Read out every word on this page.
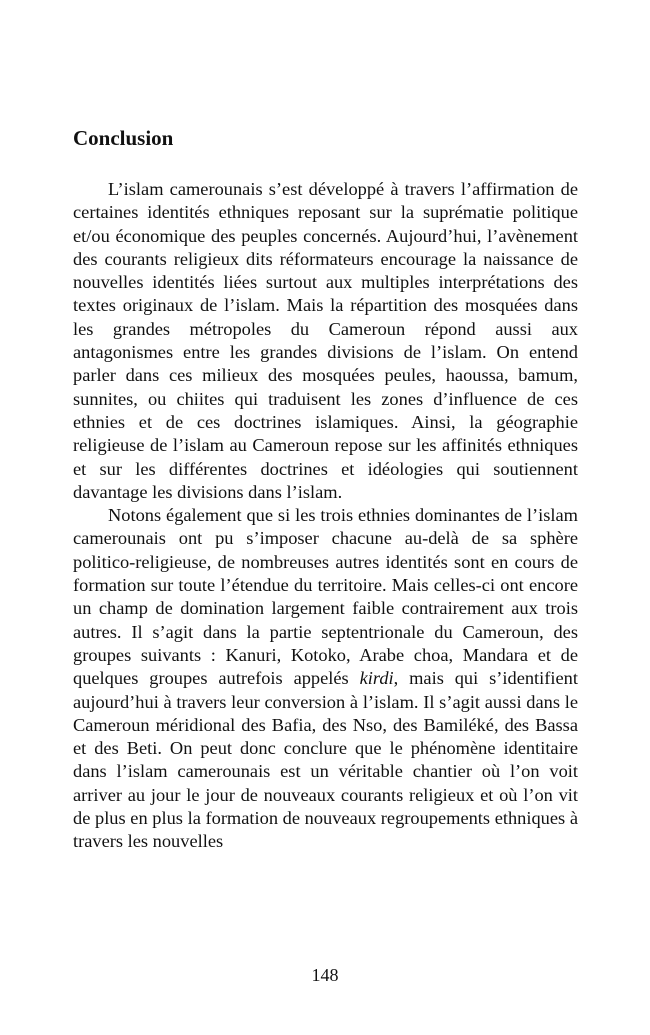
Conclusion

L’islam camerounais s’est développé à travers l’affirmation de certaines identités ethniques reposant sur la suprématie politique et/ou économique des peuples concernés. Aujourd’hui, l’avènement des courants religieux dits réformateurs encourage la naissance de nouvelles identités liées surtout aux multiples interprétations des textes originaux de l’islam. Mais la répartition des mosquées dans les grandes métropoles du Cameroun répond aussi aux antagonismes entre les grandes divisions de l’islam. On entend parler dans ces milieux des mosquées peules, haoussa, bamum, sunnites, ou chiites qui traduisent les zones d’influence de ces ethnies et de ces doctrines islamiques. Ainsi, la géographie religieuse de l’islam au Cameroun repose sur les affinités ethniques et sur les différentes doctrines et idéologies qui soutiennent davantage les divisions dans l’islam.

Notons également que si les trois ethnies dominantes de l’islam camerounais ont pu s’imposer chacune au-delà de sa sphère politico-religieuse, de nombreuses autres identités sont en cours de formation sur toute l’étendue du territoire. Mais celles-ci ont encore un champ de domination largement faible contrairement aux trois autres. Il s’agit dans la partie septentrionale du Cameroun, des groupes suivants : Kanuri, Kotoko, Arabe choa, Mandara et de quelques groupes autrefois appelés kirdi, mais qui s’identifient aujourd’hui à travers leur conversion à l’islam. Il s’agit aussi dans le Cameroun méridional des Bafia, des Nso, des Bamiléké, des Bassa et des Beti. On peut donc conclure que le phénomène identitaire dans l’islam camerounais est un véritable chantier où l’on voit arriver au jour le jour de nouveaux courants religieux et où l’on vit de plus en plus la formation de nouveaux regroupements ethniques à travers les nouvelles

148
